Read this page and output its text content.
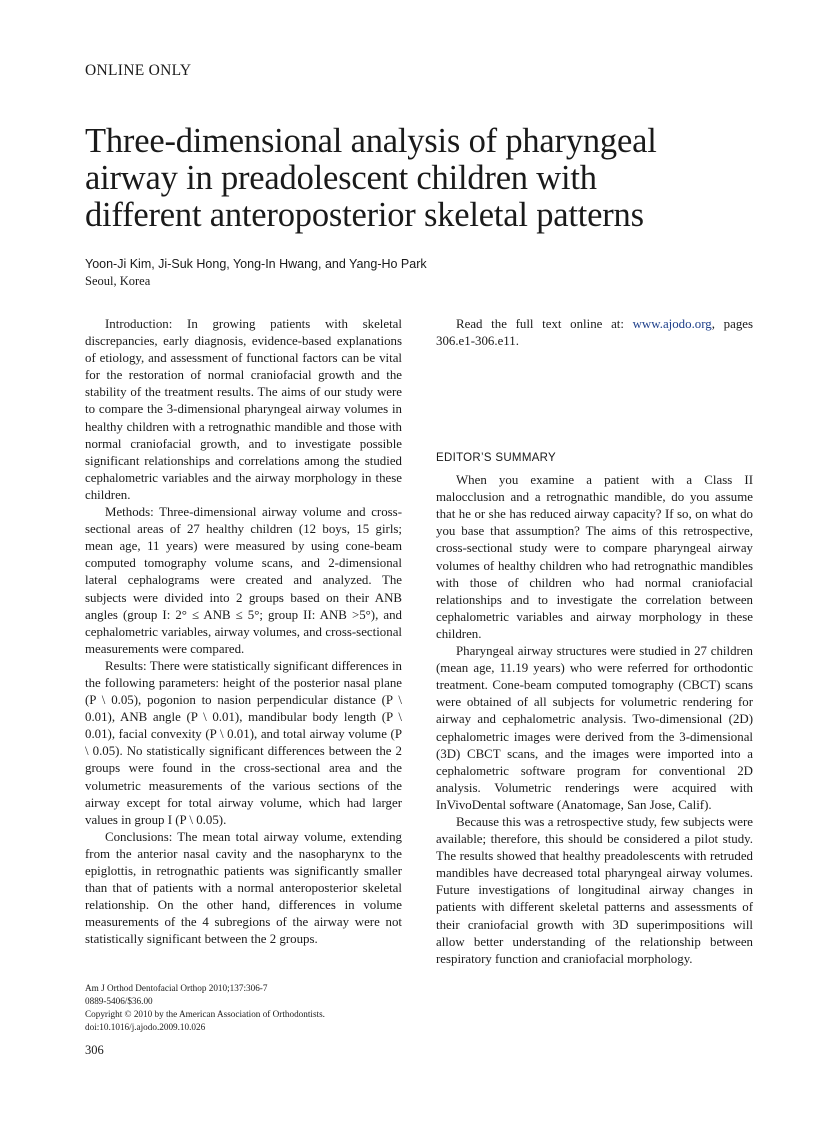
ONLINE ONLY
Three-dimensional analysis of pharyngeal
airway in preadolescent children with
different anteroposterior skeletal patterns
Yoon-Ji Kim, Ji-Suk Hong, Yong-In Hwang, and Yang-Ho Park
Seoul, Korea

Introduction: In growing patients with skeletal discrepancies, early diagnosis, evidence-based explanations of etiology, and assessment of functional factors can be vital for the restoration of normal craniofacial growth and the stability of the treatment results. The aims of our study were to compare the 3-dimensional pharyngeal airway volumes in healthy children with a retrognathic mandible and those with normal craniofacial growth, and to investigate possible significant relationships and correlations among the studied cephalometric variables and the airway morphology in these children.

Methods: Three-dimensional airway volume and cross-sectional areas of 27 healthy children (12 boys, 15 girls; mean age, 11 years) were measured by using cone-beam computed tomography volume scans, and 2-dimensional lateral cephalograms were created and analyzed. The subjects were divided into 2 groups based on their ANB angles (group I: 2° ≤ ANB ≤ 5°; group II: ANB >5°), and cephalometric variables, airway volumes, and cross-sectional measurements were compared.

Results: There were statistically significant differences in the following parameters: height of the posterior nasal plane (P \ 0.05), pogonion to nasion perpendicular distance (P \ 0.01), ANB angle (P \ 0.01), mandibular body length (P \ 0.01), facial convexity (P \ 0.01), and total airway volume (P \ 0.05). No statistically significant differences between the 2 groups were found in the cross-sectional area and the volumetric measurements of the various sections of the airway except for total airway volume, which had larger values in group I (P \ 0.05).

Conclusions: The mean total airway volume, extending from the anterior nasal cavity and the nasopharynx to the epiglottis, in retrognathic patients was significantly smaller than that of patients with a normal anteroposterior skeletal relationship. On the other hand, differences in volume measurements of the 4 subregions of the airway were not statistically significant between the 2 groups.

Read the full text online at: www.ajodo.org, pages 306.e1-306.e11.

EDITOR’S SUMMARY

When you examine a patient with a Class II malocclusion and a retrognathic mandible, do you assume that he or she has reduced airway capacity? If so, on what do you base that assumption? The aims of this retrospective, cross-sectional study were to compare pharyngeal airway volumes of healthy children who had retrognathic mandibles with those of children who had normal craniofacial relationships and to investigate the correlation between cephalometric variables and airway morphology in these children.

Pharyngeal airway structures were studied in 27 children (mean age, 11.19 years) who were referred for orthodontic treatment. Cone-beam computed tomography (CBCT) scans were obtained of all subjects for volumetric rendering for airway and cephalometric analysis. Two-dimensional (2D) cephalometric images were derived from the 3-dimensional (3D) CBCT scans, and the images were imported into a cephalometric software program for conventional 2D analysis. Volumetric renderings were acquired with InVivoDental software (Anatomage, San Jose, Calif).

Because this was a retrospective study, few subjects were available; therefore, this should be considered a pilot study. The results showed that healthy preadolescents with retruded mandibles have decreased total pharyngeal airway volumes. Future investigations of longitudinal airway changes in patients with different skeletal patterns and assessments of their craniofacial growth with 3D superimpositions will allow better understanding of the relationship between respiratory function and craniofacial morphology.

Am J Orthod Dentofacial Orthop 2010;137:306-7
0889-5406/$36.00
Copyright © 2010 by the American Association of Orthodontists.
doi:10.1016/j.ajodo.2009.10.026
306
